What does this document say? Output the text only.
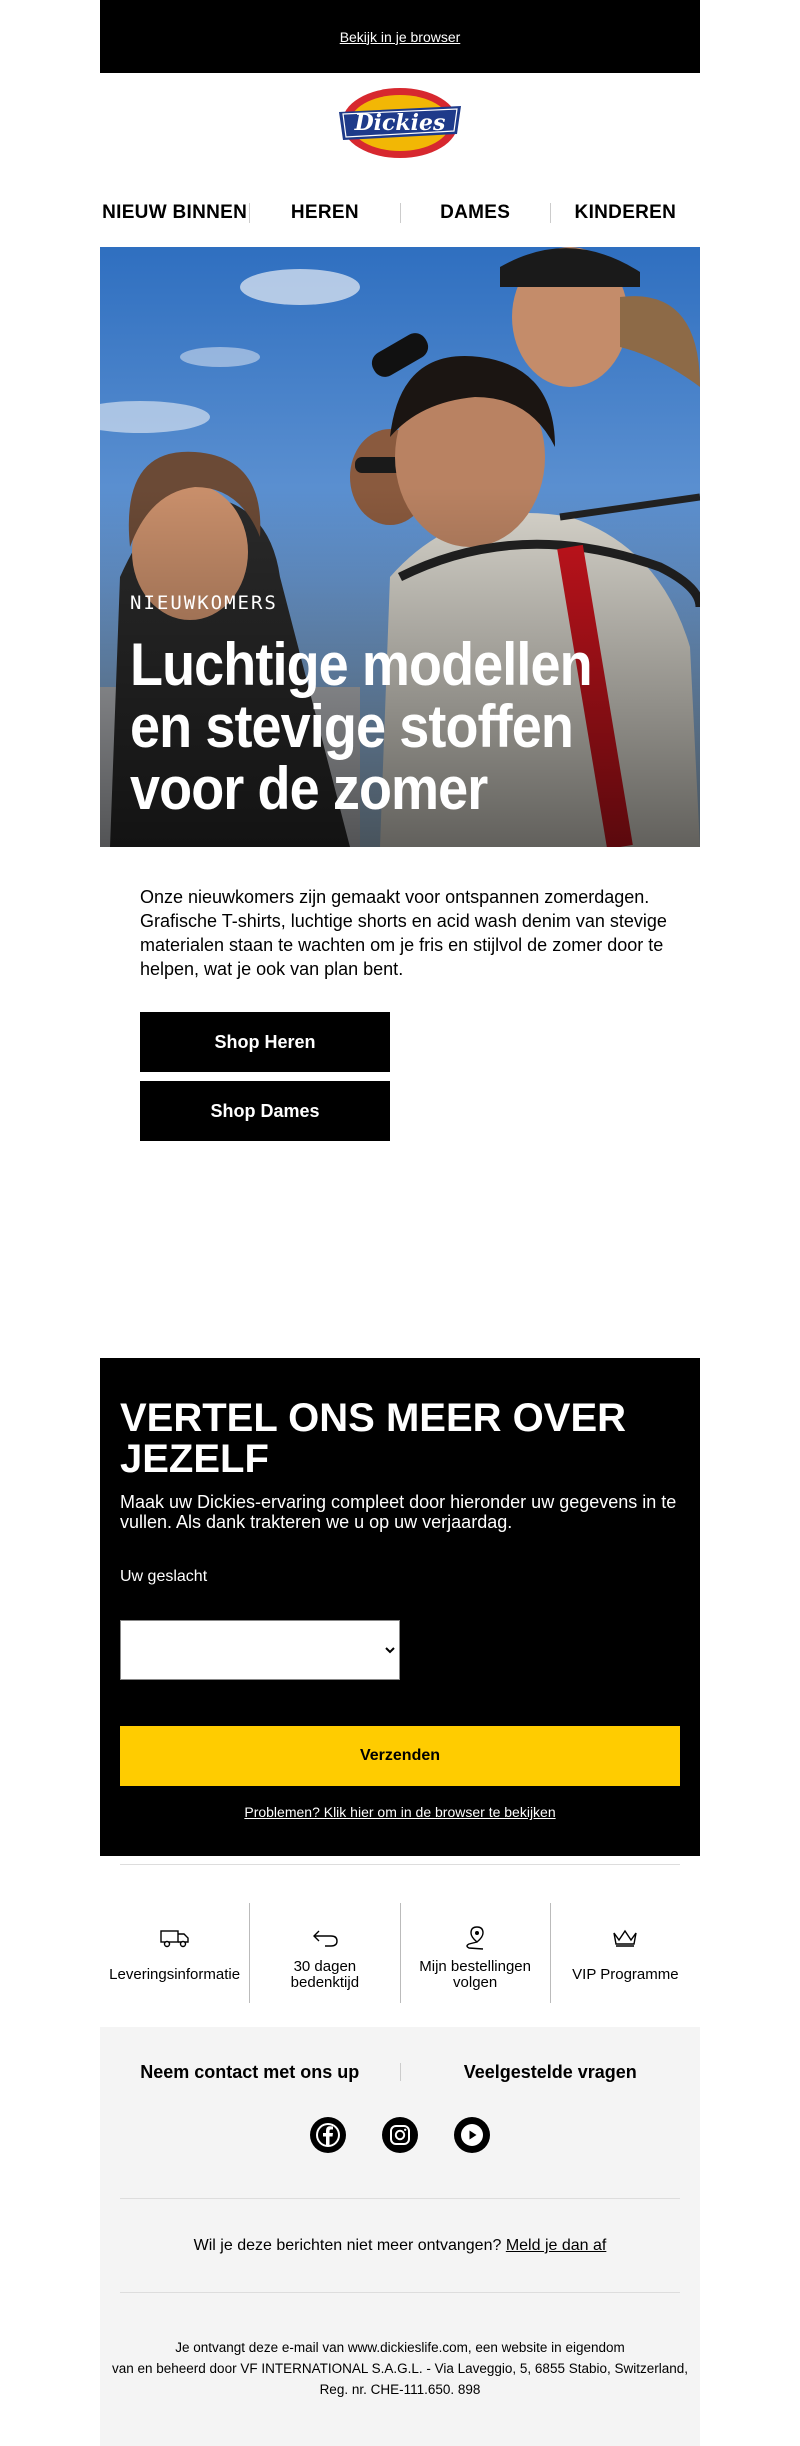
Bekijk in je browser
Dickies
NIEUW BINNEN	HEREN	DAMES	KINDEREN
NIEUWKOMERS
Luchtige modellen
en stevige stoffen
voor de zomer
Onze nieuwkomers zijn gemaakt voor ontspannen zomerdagen. Grafische T-shirts, luchtige shorts en acid wash denim van stevige materialen staan te wachten om je fris en stijlvol de zomer door te helpen, wat je ook van plan bent.
Shop Heren
Shop Dames
VERTEL ONS MEER OVER JEZELF
Maak uw Dickies-ervaring compleet door hieronder uw gegevens in te vullen. Als dank trakteren we u op uw verjaardag.
Uw geslacht
Verzenden
Problemen? Klik hier om in de browser te bekijken
Leveringsinformatie	30 dagen bedenktijd
Mijn bestellingen volgen	VIP Programme
Neem contact met ons up	Veelgestelde vragen
Wil je deze berichten niet meer ontvangen? Meld je dan af
Je ontvangt deze e-mail van www.dickieslife.com, een website in eigendom
van en beheerd door VF INTERNATIONAL S.A.G.L. - Via Laveggio, 5, 6855 Stabio, Switzerland,
Reg. nr. CHE-111.650. 898
